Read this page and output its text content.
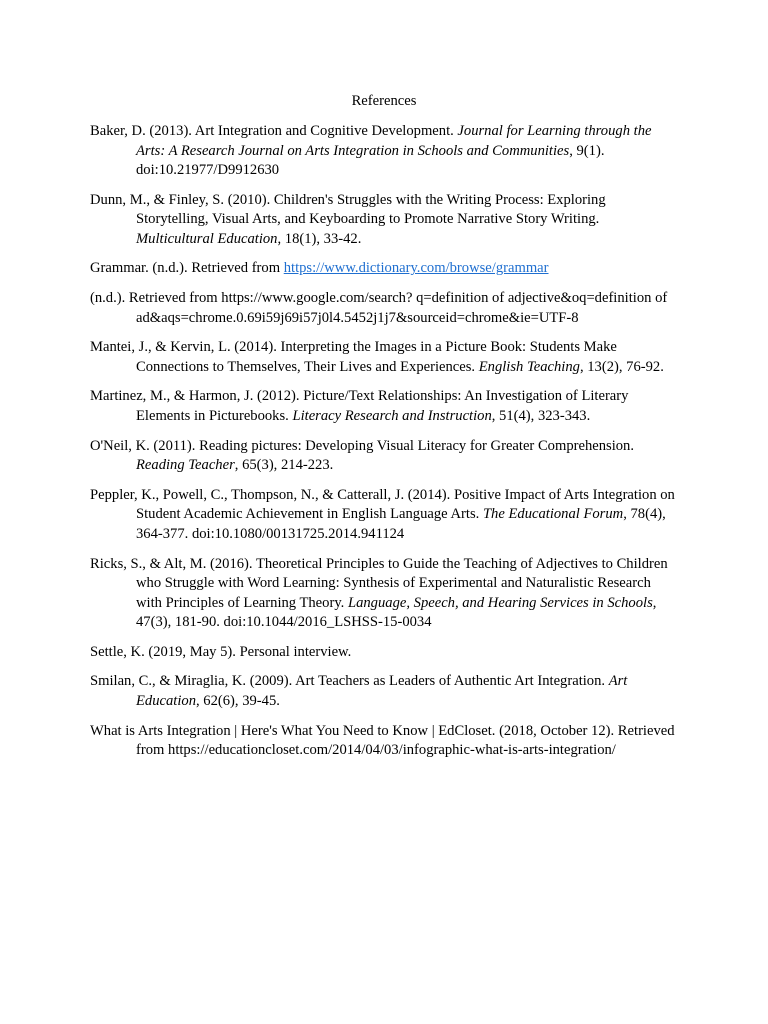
References
Baker, D. (2013). Art Integration and Cognitive Development. Journal for Learning through the Arts: A Research Journal on Arts Integration in Schools and Communities, 9(1). doi:10.21977/D9912630
Dunn, M., & Finley, S. (2010). Children's Struggles with the Writing Process: Exploring Storytelling, Visual Arts, and Keyboarding to Promote Narrative Story Writing. Multicultural Education, 18(1), 33-42.
Grammar. (n.d.). Retrieved from https://www.dictionary.com/browse/grammar
(n.d.). Retrieved from https://www.google.com/search? q=definition of adjective&oq=definition of ad&aqs=chrome.0.69i59j69i57j0l4.5452j1j7&sourceid=chrome&ie=UTF-8
Mantei, J., & Kervin, L. (2014). Interpreting the Images in a Picture Book: Students Make Connections to Themselves, Their Lives and Experiences. English Teaching, 13(2), 76-92.
Martinez, M., & Harmon, J. (2012). Picture/Text Relationships: An Investigation of Literary Elements in Picturebooks. Literacy Research and Instruction, 51(4), 323-343.
O'Neil, K. (2011). Reading pictures: Developing Visual Literacy for Greater Comprehension. Reading Teacher, 65(3), 214-223.
Peppler, K., Powell, C., Thompson, N., & Catterall, J. (2014). Positive Impact of Arts Integration on Student Academic Achievement in English Language Arts. The Educational Forum, 78(4), 364-377. doi:10.1080/00131725.2014.941124
Ricks, S., & Alt, M. (2016). Theoretical Principles to Guide the Teaching of Adjectives to Children who Struggle with Word Learning: Synthesis of Experimental and Naturalistic Research with Principles of Learning Theory. Language, Speech, and Hearing Services in Schools, 47(3), 181-90. doi:10.1044/2016_LSHSS-15-0034
Settle, K. (2019, May 5). Personal interview.
Smilan, C., & Miraglia, K. (2009). Art Teachers as Leaders of Authentic Art Integration. Art Education, 62(6), 39-45.
What is Arts Integration | Here's What You Need to Know | EdCloset. (2018, October 12). Retrieved from https://educationcloset.com/2014/04/03/infographic-what-is-arts-integration/
